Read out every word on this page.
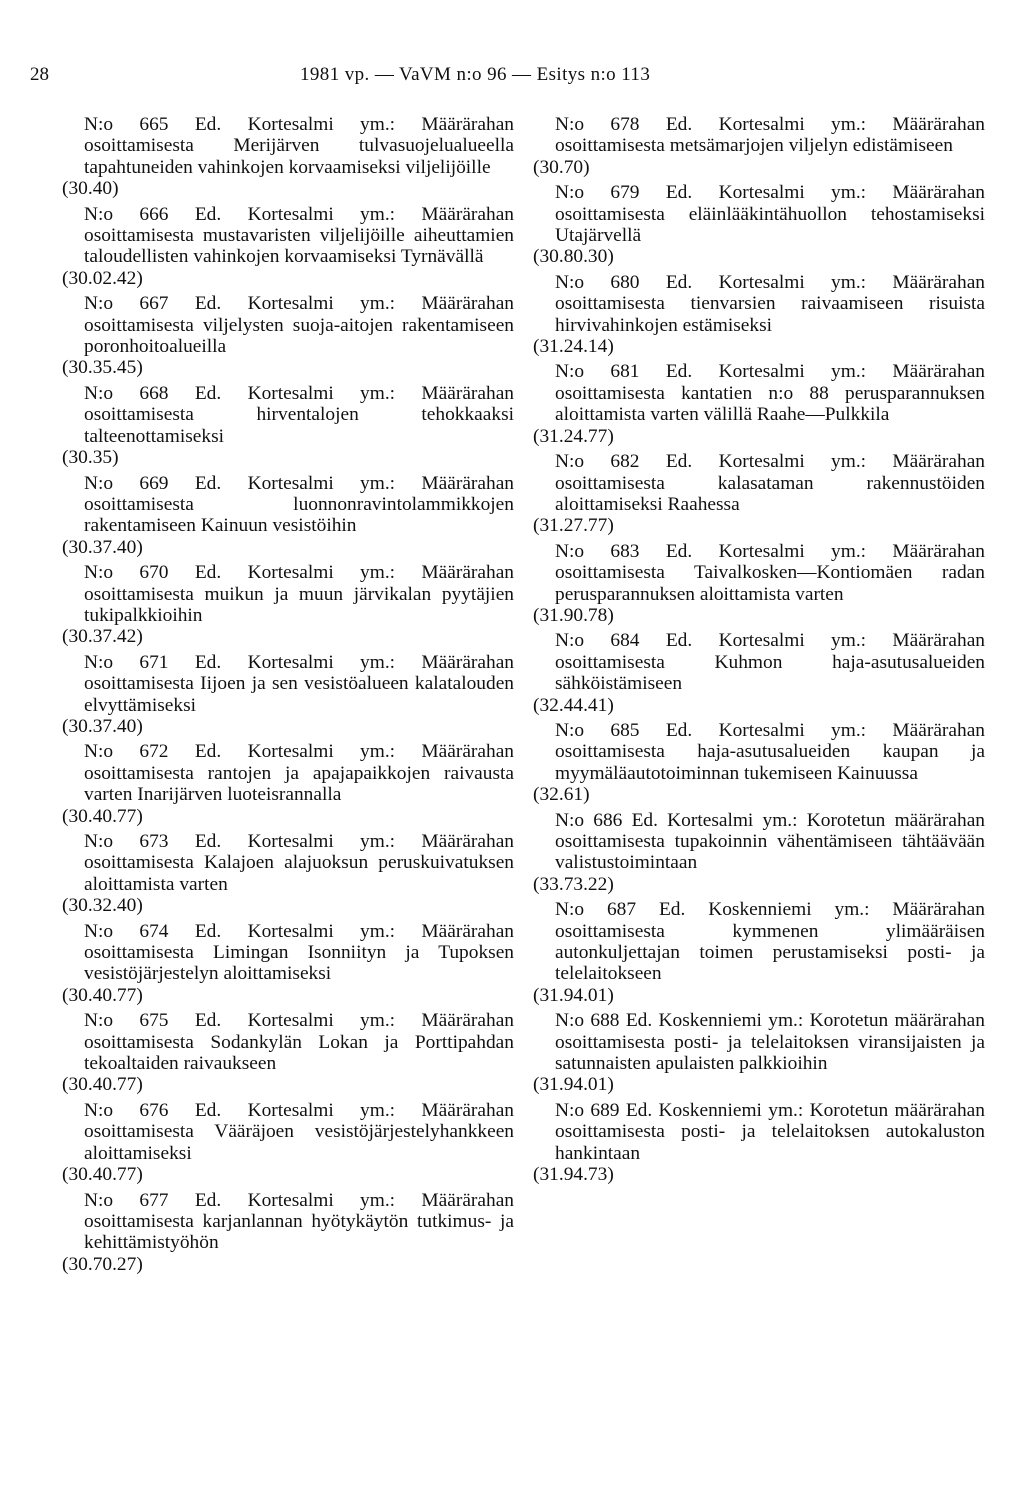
28	1981 vp. — VaVM n:o 96 — Esitys n:o 113
N:o 665 Ed. Kortesalmi ym.: Määrärahan osoittamisesta Merijärven tulvasuojelualueella tapahtuneiden vahinkojen korvaamiseksi viljelijöille
(30.40)
N:o 666 Ed. Kortesalmi ym.: Määrärahan osoittamisesta mustavaristen viljelijöille aiheuttamien taloudellisten vahinkojen korvaamiseksi Tyrnävällä
(30.02.42)
N:o 667 Ed. Kortesalmi ym.: Määrärahan osoittamisesta viljelysten suoja-aitojen rakentamiseen poronhoitoalueilla
(30.35.45)
N:o 668 Ed. Kortesalmi ym.: Määrärahan osoittamisesta hirventalojen tehokkaaksi talteenottamiseksi
(30.35)
N:o 669 Ed. Kortesalmi ym.: Määrärahan osoittamisesta luonnonravintolammikkojen rakentamiseen Kainuun vesistöihin
(30.37.40)
N:o 670 Ed. Kortesalmi ym.: Määrärahan osoittamisesta muikun ja muun järvikalan pyytäjien tukipalkkioihin
(30.37.42)
N:o 671 Ed. Kortesalmi ym.: Määrärahan osoittamisesta Iijoen ja sen vesistöalueen kalatalouden elvyttämiseksi
(30.37.40)
N:o 672 Ed. Kortesalmi ym.: Määrärahan osoittamisesta rantojen ja apajapaikkojen raivausta varten Inarijärven luoteisrannalla
(30.40.77)
N:o 673 Ed. Kortesalmi ym.: Määrärahan osoittamisesta Kalajoen alajuoksun peruskuivatuksen aloittamista varten
(30.32.40)
N:o 674 Ed. Kortesalmi ym.: Määrärahan osoittamisesta Limingan Isonniityn ja Tupoksen vesistöjärjestelyn aloittamiseksi
(30.40.77)
N:o 675 Ed. Kortesalmi ym.: Määrärahan osoittamisesta Sodankylän Lokan ja Porttipahdan tekoaltaiden raivaukseen
(30.40.77)
N:o 676 Ed. Kortesalmi ym.: Määrärahan osoittamisesta Vääräjoen vesistöjärjestelyhankkeen aloittamiseksi
(30.40.77)
N:o 677 Ed. Kortesalmi ym.: Määrärahan osoittamisesta karjanlannan hyötykäytön tutkimus- ja kehittämistyöhön
(30.70.27)
N:o 678 Ed. Kortesalmi ym.: Määrärahan osoittamisesta metsämarjojen viljelyn edistämiseen
(30.70)
N:o 679 Ed. Kortesalmi ym.: Määrärahan osoittamisesta eläinlääkintähuollon tehostamiseksi Utajärvellä
(30.80.30)
N:o 680 Ed. Kortesalmi ym.: Määrärahan osoittamisesta tienvarsien raivaamiseen risuista hirvivahinkojen estämiseksi
(31.24.14)
N:o 681 Ed. Kortesalmi ym.: Määrärahan osoittamisesta kantatien n:o 88 perusparannuksen aloittamista varten välillä Raahe—Pulkkila
(31.24.77)
N:o 682 Ed. Kortesalmi ym.: Määrärahan osoittamisesta kalasataman rakennustöiden aloittamiseksi Raahessa
(31.27.77)
N:o 683 Ed. Kortesalmi ym.: Määrärahan osoittamisesta Taivalkosken—Kontiomäen radan perusparannuksen aloittamista varten
(31.90.78)
N:o 684 Ed. Kortesalmi ym.: Määrärahan osoittamisesta Kuhmon haja-asutusalueiden sähköistämiseen
(32.44.41)
N:o 685 Ed. Kortesalmi ym.: Määrärahan osoittamisesta haja-asutusalueiden kaupan ja myymäläautotoiminnan tukemiseen Kainuussa
(32.61)
N:o 686 Ed. Kortesalmi ym.: Korotetun määrärahan osoittamisesta tupakoinnin vähentämiseen tähtäävään valistustoimintaan
(33.73.22)
N:o 687 Ed. Koskenniemi ym.: Määrärahan osoittamisesta kymmenen ylimääräisen autonkuljettajan toimen perustamiseksi posti- ja telelaitokseen
(31.94.01)
N:o 688 Ed. Koskenniemi ym.: Korotetun määrärahan osoittamisesta posti- ja telelaitoksen viransijaisten ja satunnaisten apulaisten palkkioihin
(31.94.01)
N:o 689 Ed. Koskenniemi ym.: Korotetun määrärahan osoittamisesta posti- ja telelaitoksen autokaluston hankintaan
(31.94.73)
